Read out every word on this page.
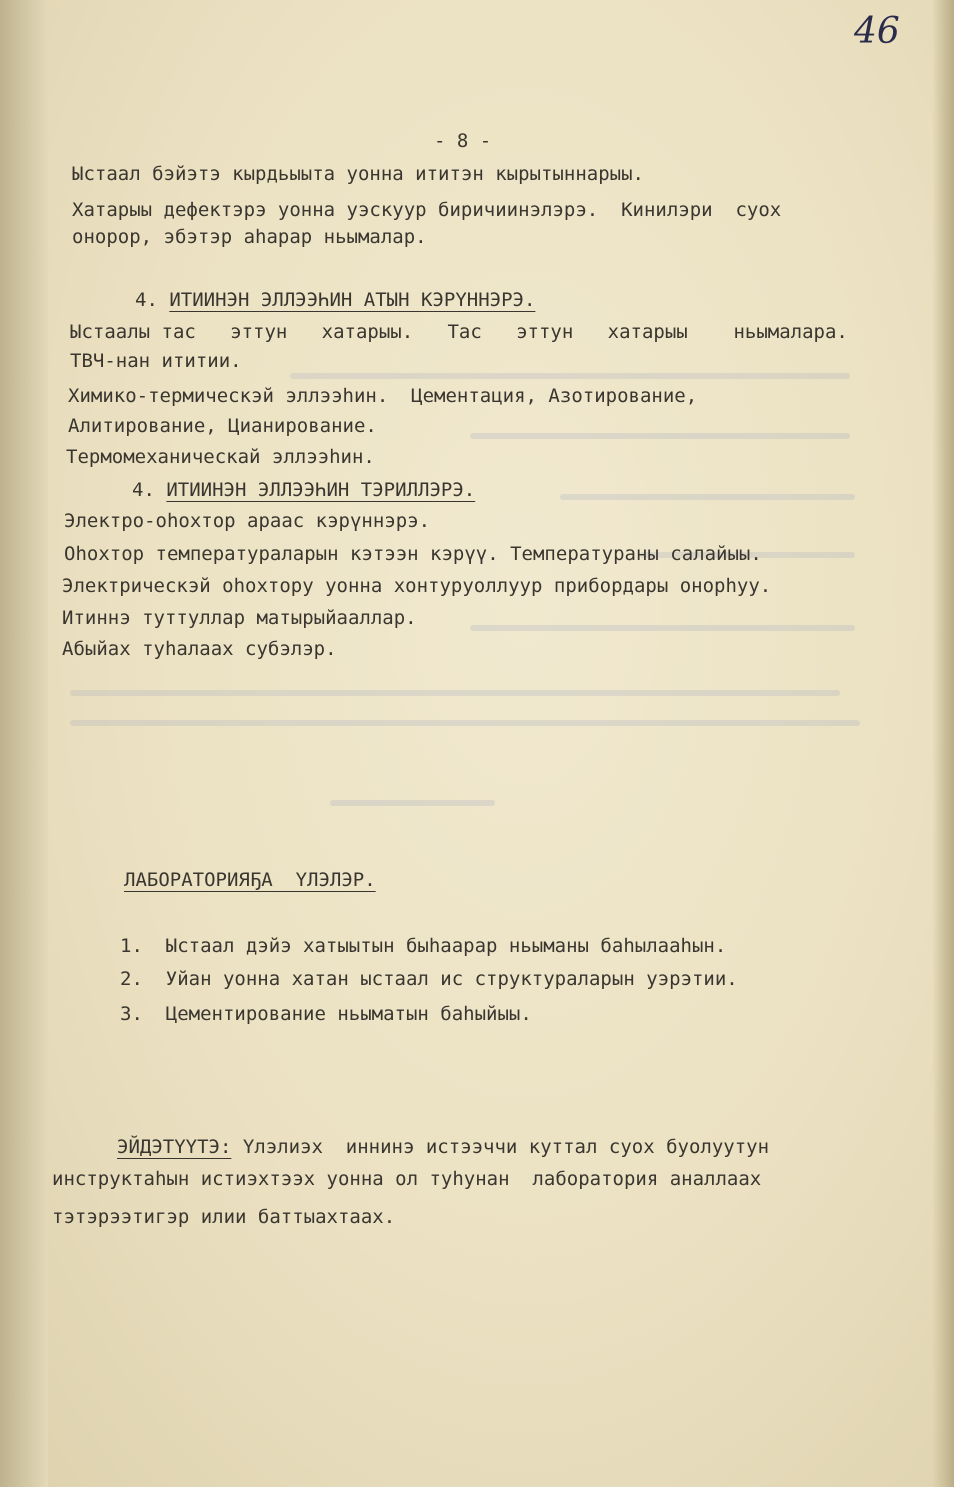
46

- 8 -

Ыстаал бэйэтэ кырдьыыта уонна ититэн кырытыннарыы.

Хатарыы дефектэрэ уонна уэскуур биричиинэлэрэ.  Кинилэри  суох

онорор, эбэтэр аһарар ньымалар.

4. ИТИИНЭН ЭЛЛЭЭҺИН АТЫН КЭРҮННЭРЭ.

Ыстаалы тас   эттун   хатарыы.   Тас   эттун   хатарыы    ньымалара.

ТВЧ-нан ититии.

Химико-термическэй эллээһин.  Цементация, Азотирование,

Алитирование, Цианирование.

Термомеханическай эллээһин.

4. ИТИИНЭН ЭЛЛЭЭҺИН ТЭРИЛЛЭРЭ.

Электро-оһохтор араас кэрүннэрэ.

Оһохтор температураларын кэтээн кэрүү. Температураны салайыы.

Электрическэй оһохтору уонна хонтуруоллуур прибордары онорһуу.

Итиннэ туттуллар матырыйааллар.

Абыйах туһалаах субэлэр.

ЛАБОРАТОРИЯҔА  ҮЛЭЛЭР.

1.  Ыстаал дэйэ хатыытын быһаарар ньыманы баһылааһын.

2.  Уйан уонна хатан ыстаал ис структураларын уэрэтии.

3.  Цементирование ньыматын баһыйыы.

ЭЙДЭТҮҮТЭ: Үлэлиэх  иннинэ истээччи куттал суох буолуутун

инструктаһын истиэхтээх уонна ол туһунан  лаборатория аналлаах

тэтэрээтигэр илии баттыахтаах.
